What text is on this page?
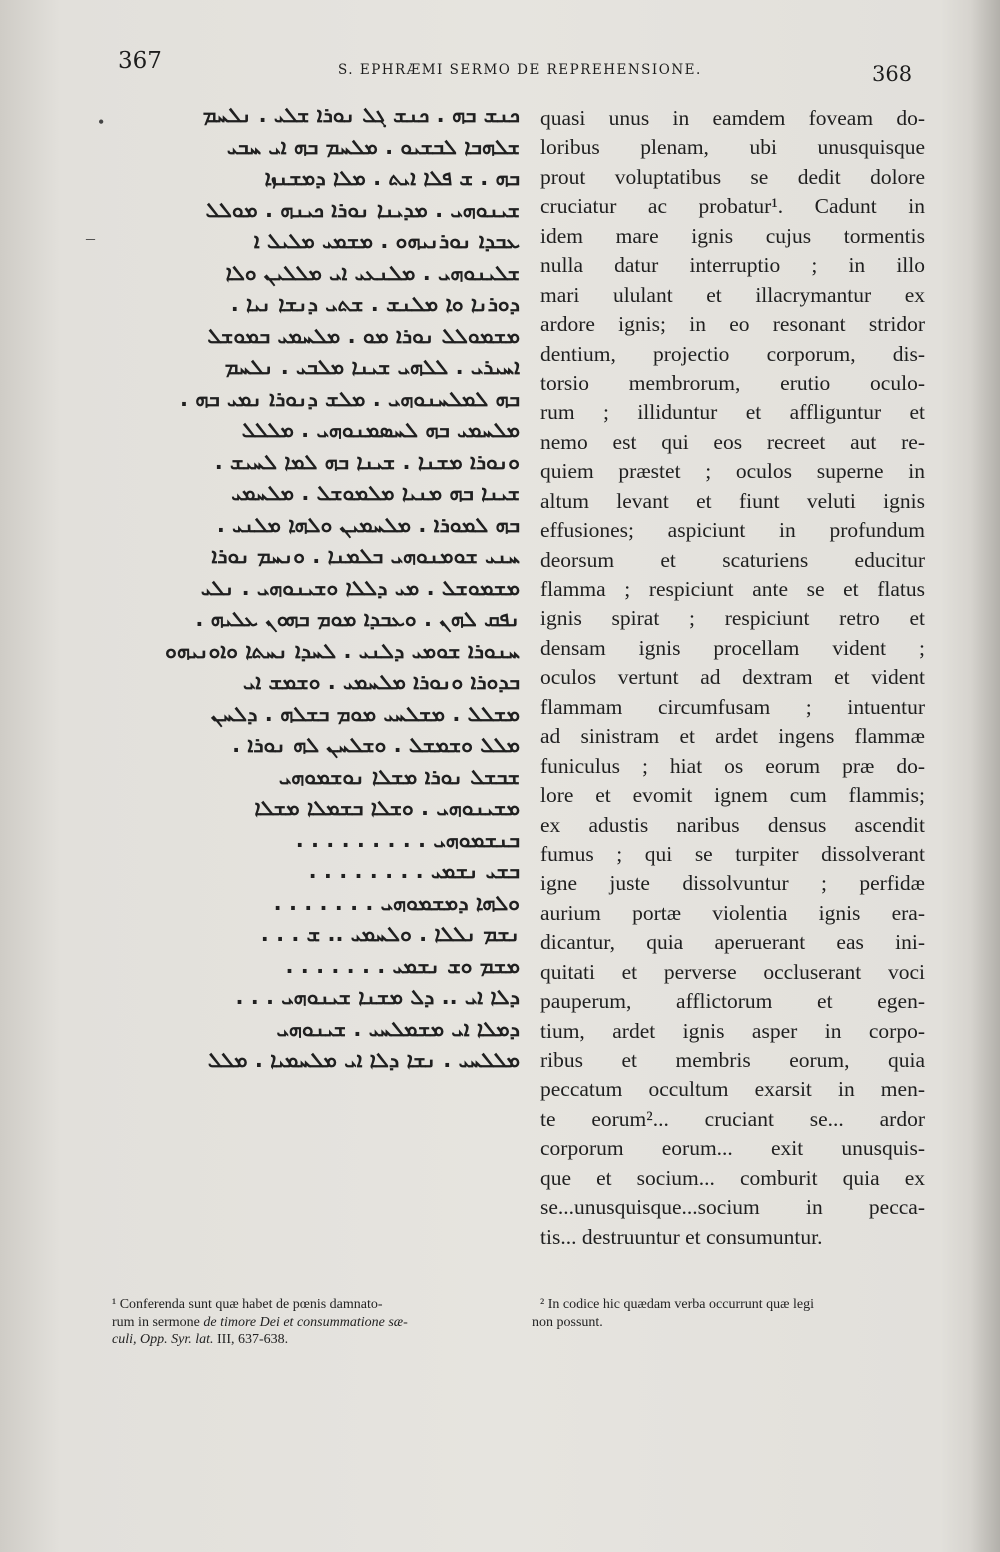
367	S. EPHRÆMI SERMO DE REPREHENSIONE.	368
•
–
ܟܢܫ ܒܗ . ܟܢܫ ܓܠ ܢܘܪܐ ܫܠܝ . ܢܠܚܡ
ܫܠܗܒܐ ܠܒܫܝܘ . ܡܠܚܡ ܒܗ ܐܝ ܚܒܝ
ܒܗ . ܫ ܦܠܐ ܐܝܬ . ܡܠܐ ܕܡܫܢܙܐ
ܫܝܢܘܗܝ . ܡܕܝܢܐ ܢܘܪܐ ܟܝܢܗ . ܡܘܠܠ
ܥܒܕܐ ܢܘܪܢܝܗܘ . ܡܫܡܝ ܡܠܝܠ ܐ
ܫܠܝܢܘܗܝ . ܡܠܢܥܝ ܐܝ ܡܠܠܝܢ ܘܠܐ
ܕܘܪܢܐ ܘܐ ܡܠܢܫ . ܫܬܝ ܕܢܫܐ ܢܝܐ .
ܡܫܡܘܠܠ ܢܘܪܐ ܡܘ . ܡܠܚܡܝ ܒܡܘܫܠ
ܐܚܝܪܝ . ܠܠܗܝ ܫܝܢܐ ܡܠܒܝ . ܢܠܚܡ
ܒܗ ܠܡܠܚܢܘܗܝ . ܡܠܫ ܕܢܘܪܐ ܢܡܝ ܒܗ .
ܡܠܚܡܝ ܒܗ ܠܚܣܡܢܘܗܝ . ܡܠܠܠ
ܘܢܘܪܐ ܡܫܢܐ . ܫܝܢܐ ܒܗ ܠܡܐ ܠܚܝܫ .
ܫܝܢܐ ܒܗ ܡܢܝܐ ܡܠܡܘܫܠ . ܡܠܚܡܝ
ܒܗ ܠܡܘܪܐ . ܡܠܚܡܝܢ ܘܠܗܐ ܡܠܢܝ .
ܚܢܝ ܫܘܡܢܘܗܝ ܒܠܡܢܐ . ܘܢܚܡ ܢܘܪܐ
ܡܫܡܘܫܠ . ܡܝ ܕܠܠܐ ܘܫܝܢܘܗܝ . ܢܠܝ
ܢܦܩ ܠܗܢ . ܘܥܒܕܐ ܡܘܡ ܒܗܘܢ ܥܠܝܗ .
ܚܢܘܪܐ ܫܘܡܝ ܕܠܢܝ . ܠܚܕܐ ܢܚܬܐ ܘܐܘܢܝܗܘ
ܒܕܘܪܐ ܘܢܘܪܐ ܡܠܚܡܝ . ܘܫܡܫ ܐܝ
ܡܫܠܠ . ܡܫܠܚܝ ܡܘܡ ܒܫܠܗ . ܕܠܚܢ
ܡܠܠ ܘܫܡܫܠ . ܘܫܠܚܢ ܠܗ ܢܘܪܐ .
ܫܒܫܠ ܢܘܪܐ ܡܫܠܐ ܢܘܫܡܘܗܝ
ܡܫܝܢܘܗܝ . ܘܫܠܐ ܒܫܡܠܐ ܡܫܠܐ
ܒܢܫܡܘܗܝ . . . . . . . . .
ܒܫܝ ܢܫܡܝ . . . . . . . .
ܘܠܗܐ ܕܡܫܡܘܗܝ . . . . . . .
ܢܫܡ ܢܠܠܐ . ܘܠܚܡܝ .. ܫ . . .
ܡܫܡ ܘܫ ܢܫܡܝ . . . . . . .
ܕܠܐ ܐܝ .. ܕܠ ܡܫܢܐ ܫܝܢܘܗܝ . . .
ܕܡܠܐ ܐܝ ܡܫܡܠܚܝ . ܫܝܢܘܗܝ
ܡܠܠܚܝ . ܢܫܐ ܕܠܐ ܐܝ ܡܠܚܡܝܐ . ܡܠܠ
quasi unus in eamdem foveam do-
loribus plenam, ubi unusquisque
prout voluptatibus se dedit dolore
cruciatur ac probatur¹. Cadunt in
idem mare ignis cujus tormentis
nulla datur interruptio ; in illo
mari ululant et illacrymantur ex
ardore ignis; in eo resonant stridor
dentium, projectio corporum, dis-
torsio membrorum, erutio oculo-
rum ; illiduntur et affliguntur et
nemo est qui eos recreet aut re-
quiem præstet ; oculos superne in
altum levant et fiunt veluti ignis
effusiones; aspiciunt in profundum
deorsum et scaturiens educitur
flamma ; respiciunt ante se et flatus
ignis spirat ; respiciunt retro et
densam ignis procellam vident ;
oculos vertunt ad dextram et vident
flammam circumfusam ; intuentur
ad sinistram et ardet ingens flammæ
funiculus ; hiat os eorum præ do-
lore et evomit ignem cum flammis;
ex adustis naribus densus ascendit
fumus ; qui se turpiter dissolverant
igne juste dissolvuntur ; perfidæ
aurium portæ violentia ignis era-
dicantur, quia aperuerant eas ini-
quitati et perverse occluserant voci
pauperum, afflictorum et egen-
tium, ardet ignis asper in corpo-
ribus et membris eorum, quia
peccatum occultum exarsit in men-
te eorum²... cruciant se... ardor
corporum eorum... exit unusquis-
que et socium... comburit quia ex
se...unusquisque...socium in pecca-
tis... destruuntur et consumuntur.
¹ Conferenda sunt quæ habet de pœnis damnato-
rum in sermone de timore Dei et consummatione sæ-
culi, Opp. Syr. lat. III, 637-638.
² In codice hic quædam verba occurrunt quæ legi
non possunt.
